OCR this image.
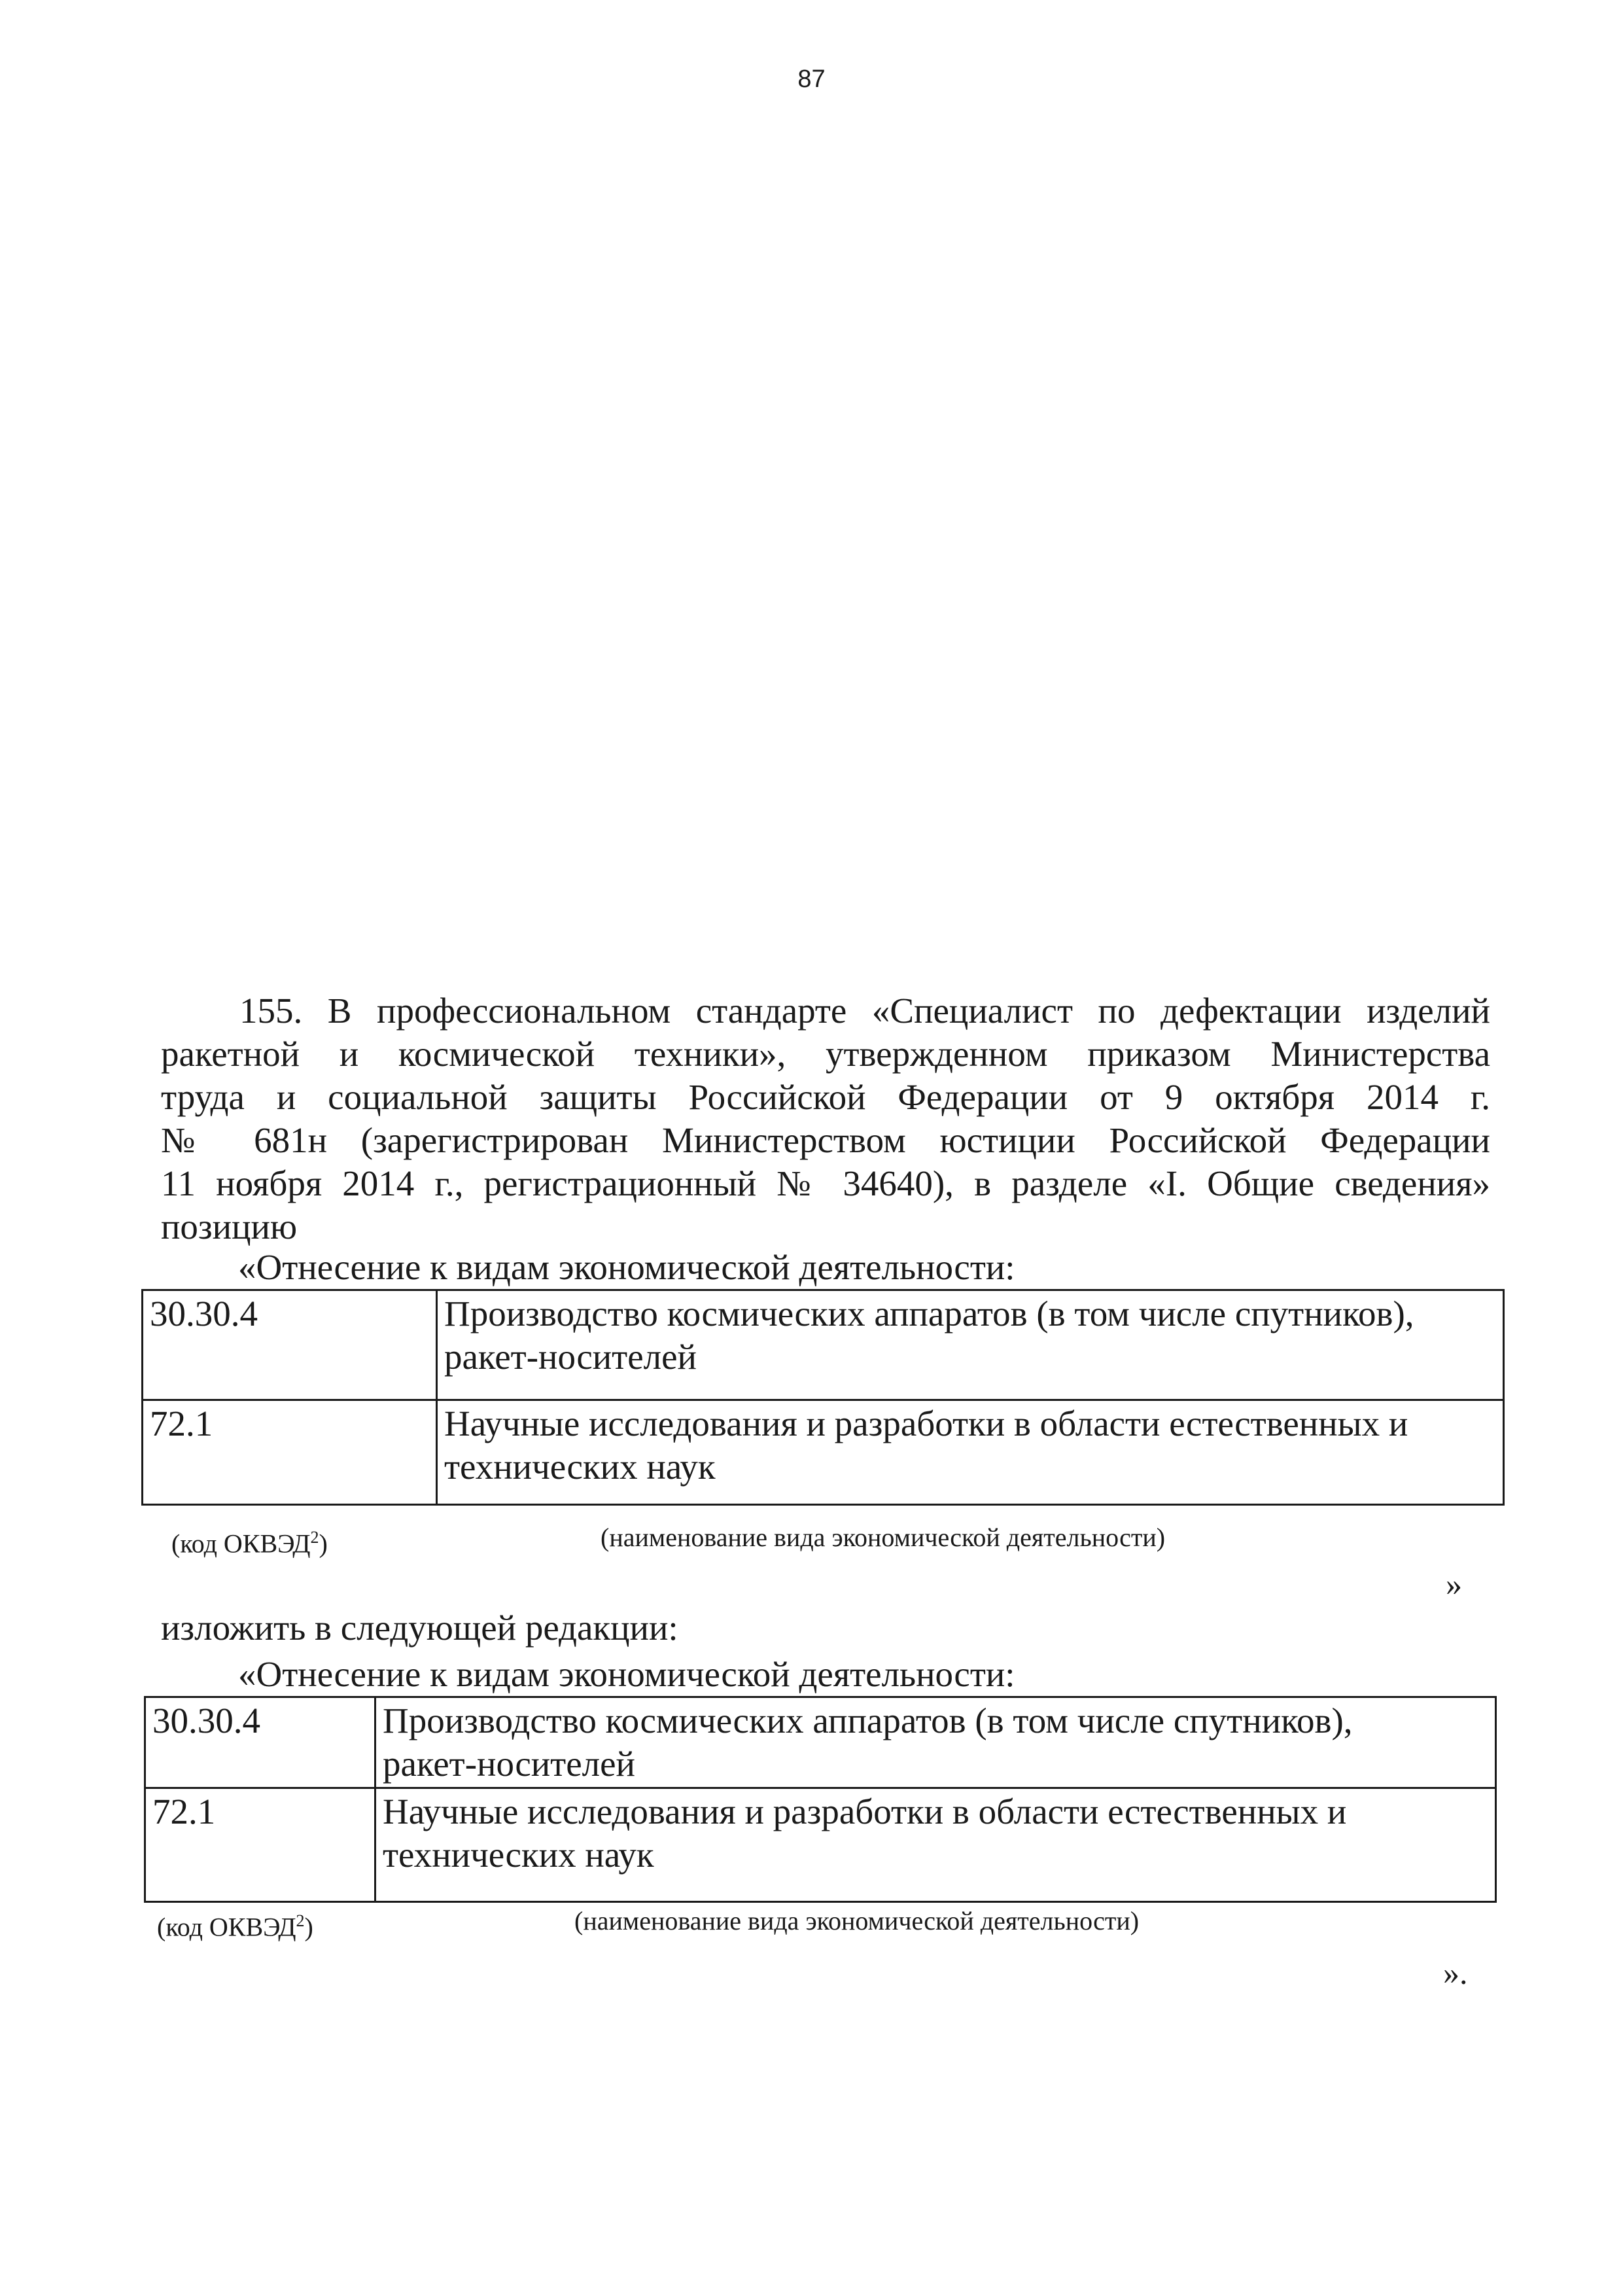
87
155. В профессиональном стандарте «Специалист по дефектации изделий
ракетной и космической техники», утвержденном приказом Министерства
труда и социальной защиты Российской Федерации от 9 октября 2014 г.
№ 681н (зарегистрирован Министерством юстиции Российской Федерации
11 ноября 2014 г., регистрационный № 34640), в разделе «I. Общие сведения»
позицию
«Отнесение к видам экономической деятельности:
30.30.4	Производство космических аппаратов (в том числе спутников),
ракет-носителей

72.1	Научные исследования и разработки в области естественных и
технических наук
(код ОКВЭД$^2$)	(наименование вида экономической деятельности)
»
изложить в следующей редакции:
«Отнесение к видам экономической деятельности:
30.30.4	Производство космических аппаратов (в том числе спутников),
ракет-носителей

72.1	Научные исследования и разработки в области естественных и
технических наук
(код ОКВЭД$^2$)	(наименование вида экономической деятельности)
».
